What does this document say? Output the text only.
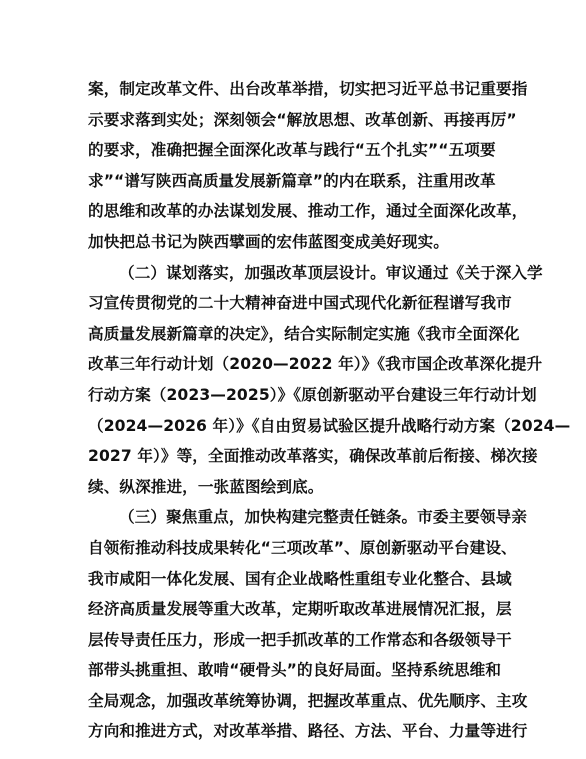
案，制定改革文件、出台改革举措，切实把习近平总书记重要指
示要求落到实处；深刻领会“解放思想、改革创新、再接再厉”
的要求，准确把握全面深化改革与践行“五个扎实”“五项要
求”“谱写陕西高质量发展新篇章”的内在联系，注重用改革
的思维和改革的办法谋划发展、推动工作，通过全面深化改革，
加快把总书记为陕西擘画的宏伟蓝图变成美好现实。
（二）谋划落实，加强改革顶层设计。审议通过《关于深入学
习宣传贯彻党的二十大精神奋进中国式现代化新征程谱写我市
高质量发展新篇章的决定》，结合实际制定实施《我市全面深化
改革三年行动计划（2020—2022 年）》《我市国企改革深化提升
行动方案（2023—2025）》《原创新驱动平台建设三年行动计划
（2024—2026 年）》《自由贸易试验区提升战略行动方案（2024—
2027 年）》等，全面推动改革落实，确保改革前后衔接、梯次接
续、纵深推进，一张蓝图绘到底。
（三）聚焦重点，加快构建完整责任链条。市委主要领导亲
自领衔推动科技成果转化“三项改革”、原创新驱动平台建设、
我市咸阳一体化发展、国有企业战略性重组专业化整合、县域
经济高质量发展等重大改革，定期听取改革进展情况汇报，层
层传导责任压力，形成一把手抓改革的工作常态和各级领导干
部带头挑重担、敢啃“硬骨头”的良好局面。坚持系统思维和
全局观念，加强改革统筹协调，把握改革重点、优先顺序、主攻
方向和推进方式，对改革举措、路径、方法、平台、力量等进行
